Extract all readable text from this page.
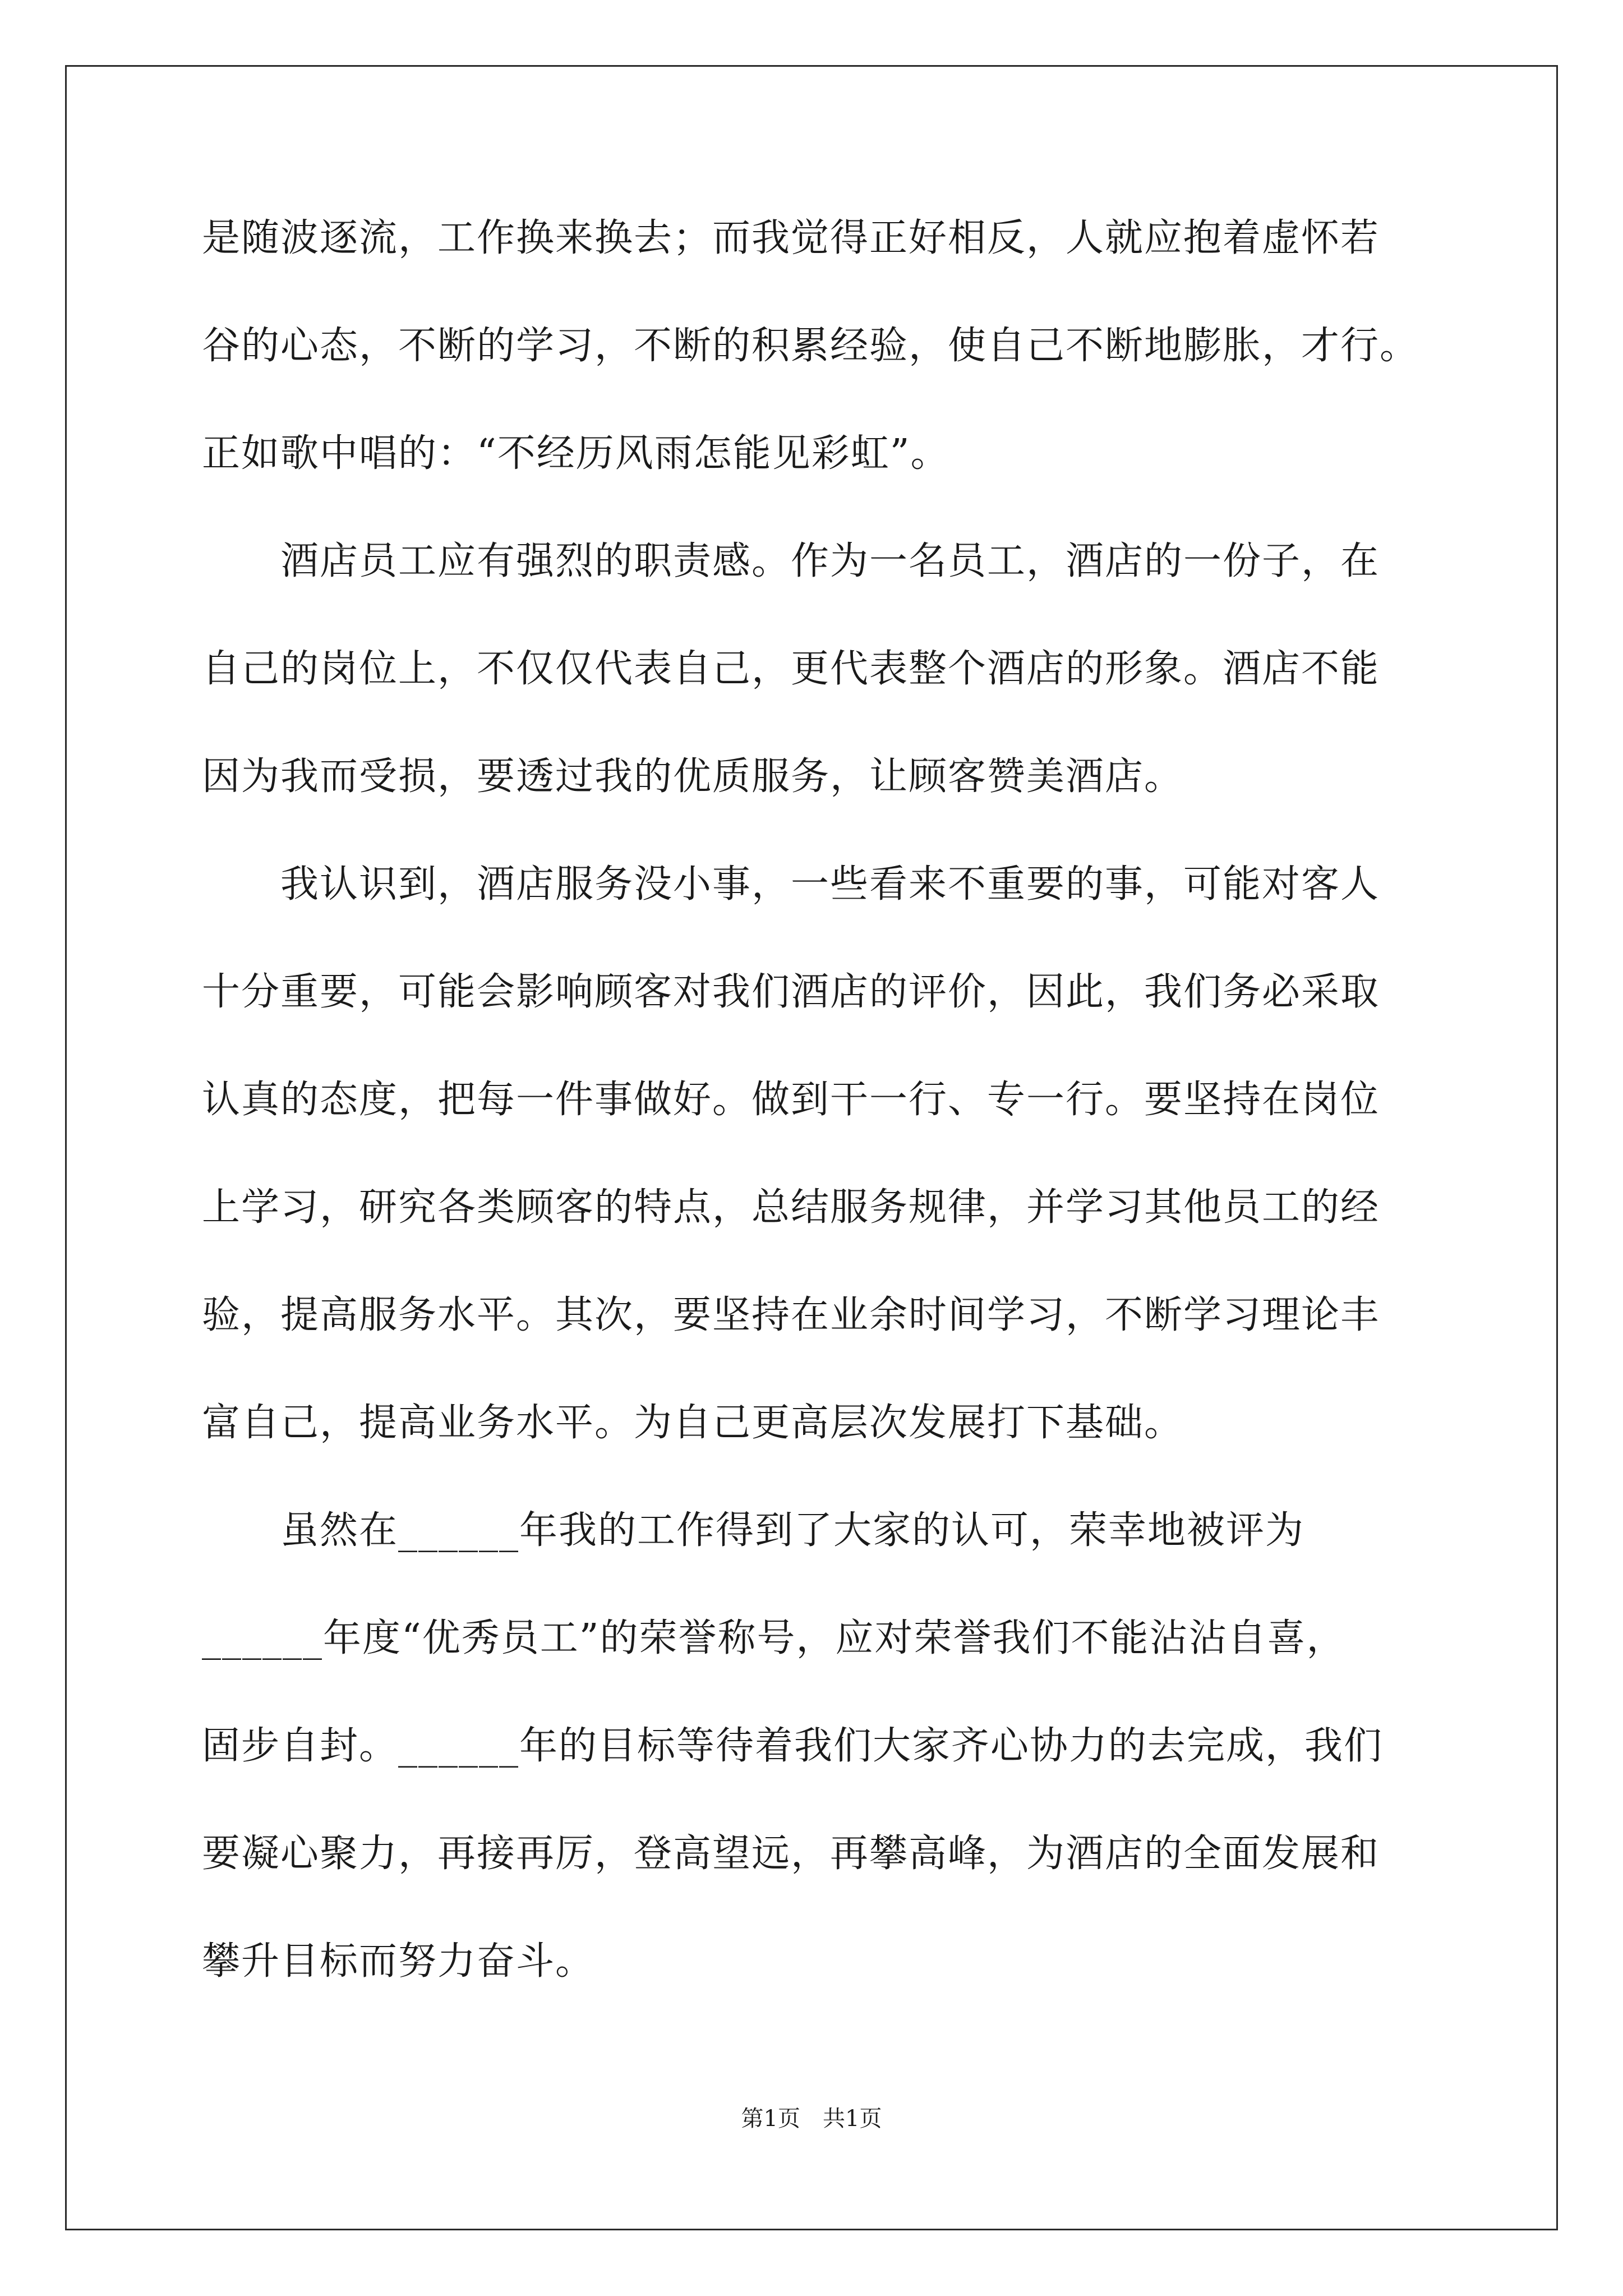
是随波逐流，工作换来换去；而我觉得正好相反，人就应抱着虚怀若
谷的心态，不断的学习，不断的积累经验，使自己不断地膨胀，才行。
正如歌中唱的：“不经历风雨怎能见彩虹”。
　　酒店员工应有强烈的职责感。作为一名员工，酒店的一份子，在
自己的岗位上，不仅仅代表自己，更代表整个酒店的形象。酒店不能
因为我而受损，要透过我的优质服务，让顾客赞美酒店。
　　我认识到，酒店服务没小事，一些看来不重要的事，可能对客人
十分重要，可能会影响顾客对我们酒店的评价，因此，我们务必采取
认真的态度，把每一件事做好。做到干一行、专一行。要坚持在岗位
上学习，研究各类顾客的特点，总结服务规律，并学习其他员工的经
验，提高服务水平。其次，要坚持在业余时间学习，不断学习理论丰
富自己，提高业务水平。为自己更高层次发展打下基础。
　　虽然在______年我的工作得到了大家的认可，荣幸地被评为
______年度“优秀员工”的荣誉称号，应对荣誉我们不能沾沾自喜，
固步自封。______年的目标等待着我们大家齐心协力的去完成，我们
要凝心聚力，再接再厉，登高望远，再攀高峰，为酒店的全面发展和
攀升目标而努力奋斗。
第1页　共1页
